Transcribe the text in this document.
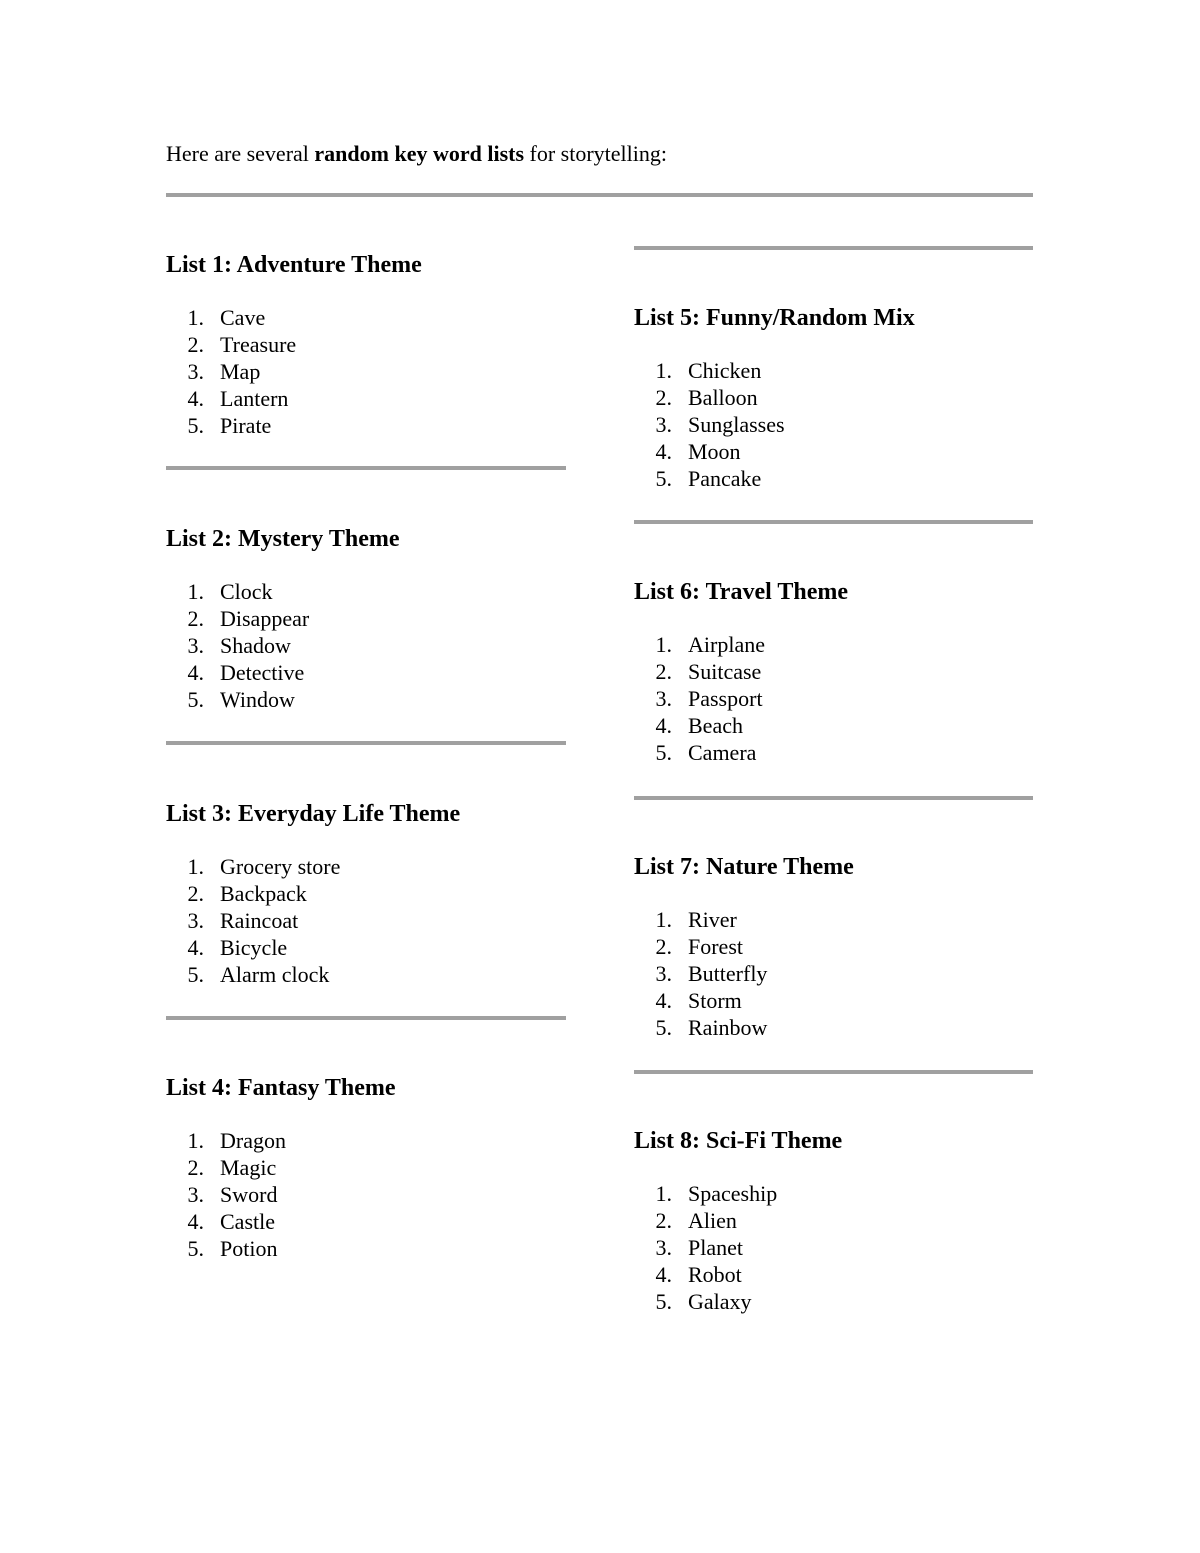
Here are several random key word lists for storytelling:
List 1: Adventure Theme
1. Cave
2. Treasure
3. Map
4. Lantern
5. Pirate
List 2: Mystery Theme
1. Clock
2. Disappear
3. Shadow
4. Detective
5. Window
List 3: Everyday Life Theme
1. Grocery store
2. Backpack
3. Raincoat
4. Bicycle
5. Alarm clock
List 4: Fantasy Theme
1. Dragon
2. Magic
3. Sword
4. Castle
5. Potion
List 5: Funny/Random Mix
1. Chicken
2. Balloon
3. Sunglasses
4. Moon
5. Pancake
List 6: Travel Theme
1. Airplane
2. Suitcase
3. Passport
4. Beach
5. Camera
List 7: Nature Theme
1. River
2. Forest
3. Butterfly
4. Storm
5. Rainbow
List 8: Sci-Fi Theme
1. Spaceship
2. Alien
3. Planet
4. Robot
5. Galaxy
